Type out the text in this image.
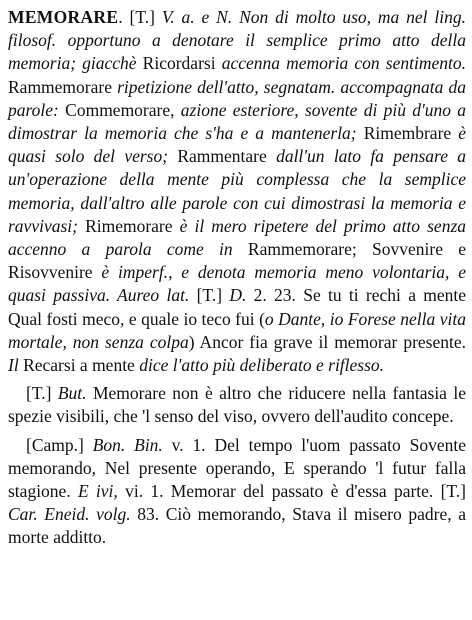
MEMORARE. [T.] V. a. e N. Non di molto uso, ma nel ling. filosof. opportuno a denotare il semplice primo atto della memoria; giacchè Ricordarsi accenna memoria con sentimento. Rammemorare ripetizione dell'atto, segnatam. accompagnata da parole: Commemorare, azione esteriore, sovente di più d'uno a dimostrar la memoria che s'ha e a mantenerla; Rimembrare è quasi solo del verso; Rammentare dall'un lato fa pensare a un'operazione della mente più complessa che la semplice memoria, dall'altro alle parole con cui dimostrasi la memoria e ravvivasi; Rimemorare è il mero ripetere del primo atto senza accenno a parola come in Rammemorare; Sovvenire e Risovvenire è imperf., e denota memoria meno volontaria, e quasi passiva. Aureo lat. [T.] D. 2. 23. Se tu ti rechi a mente Qual fosti meco, e quale io teco fui (o Dante, io Forese nella vita mortale, non senza colpa) Ancor fia grave il memorar presente. Il Recarsi a mente dice l'atto più deliberato e riflesso.

[T.] But. Memorare non è altro che riducere nella fantasia le spezie visibili, che 'l senso del viso, ovvero dell'audito concepe.

[Camp.] Bon. Bin. v. 1. Del tempo l'uom passato Sovente memorando, Nel presente operando, E sperando 'l futur falla stagione. E ivi, vi. 1. Memorar del passato è d'essa parte. [T.] Car. Eneid. volg. 83. Ciò memorando, Stava il misero padre, a morte additto.
